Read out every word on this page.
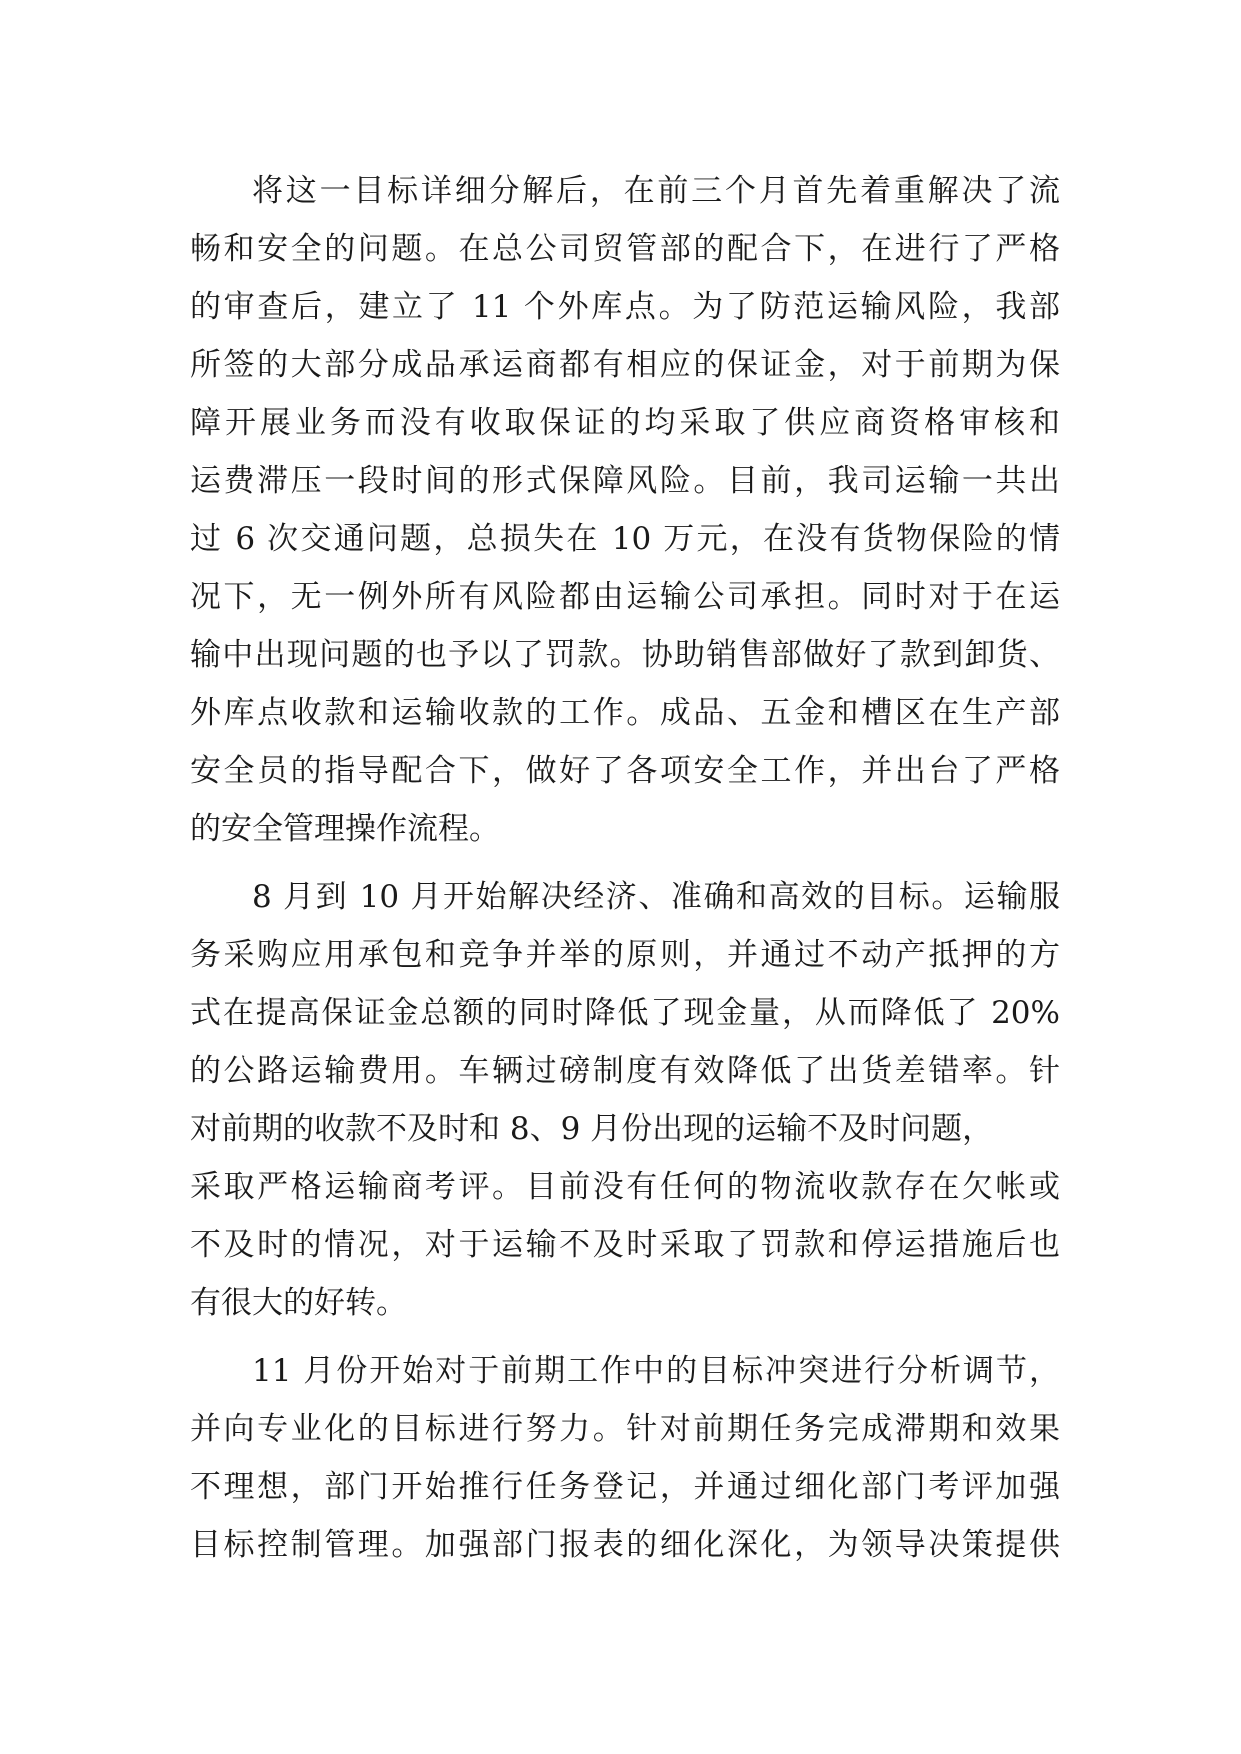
将这一目标详细分解后，在前三个月首先着重解决了流
畅和安全的问题。在总公司贸管部的配合下，在进行了严格
的审查后，建立了 11 个外库点。为了防范运输风险，我部
所签的大部分成品承运商都有相应的保证金，对于前期为保
障开展业务而没有收取保证的均采取了供应商资格审核和
运费滞压一段时间的形式保障风险。目前，我司运输一共出
过 6 次交通问题，总损失在 10 万元，在没有货物保险的情
况下，无一例外所有风险都由运输公司承担。同时对于在运
输中出现问题的也予以了罚款。协助销售部做好了款到卸货、
外库点收款和运输收款的工作。成品、五金和槽区在生产部
安全员的指导配合下，做好了各项安全工作，并出台了严格
的安全管理操作流程。
8 月到 10 月开始解决经济、准确和高效的目标。运输服
务采购应用承包和竞争并举的原则，并通过不动产抵押的方
式在提高保证金总额的同时降低了现金量，从而降低了 20%
的公路运输费用。车辆过磅制度有效降低了出货差错率。针
对前期的收款不及时和 8、9 月份出现的运输不及时问题，
采取严格运输商考评。目前没有任何的物流收款存在欠帐或
不及时的情况，对于运输不及时采取了罚款和停运措施后也
有很大的好转。
11 月份开始对于前期工作中的目标冲突进行分析调节，
并向专业化的目标进行努力。针对前期任务完成滞期和效果
不理想，部门开始推行任务登记，并通过细化部门考评加强
目标控制管理。加强部门报表的细化深化，为领导决策提供
